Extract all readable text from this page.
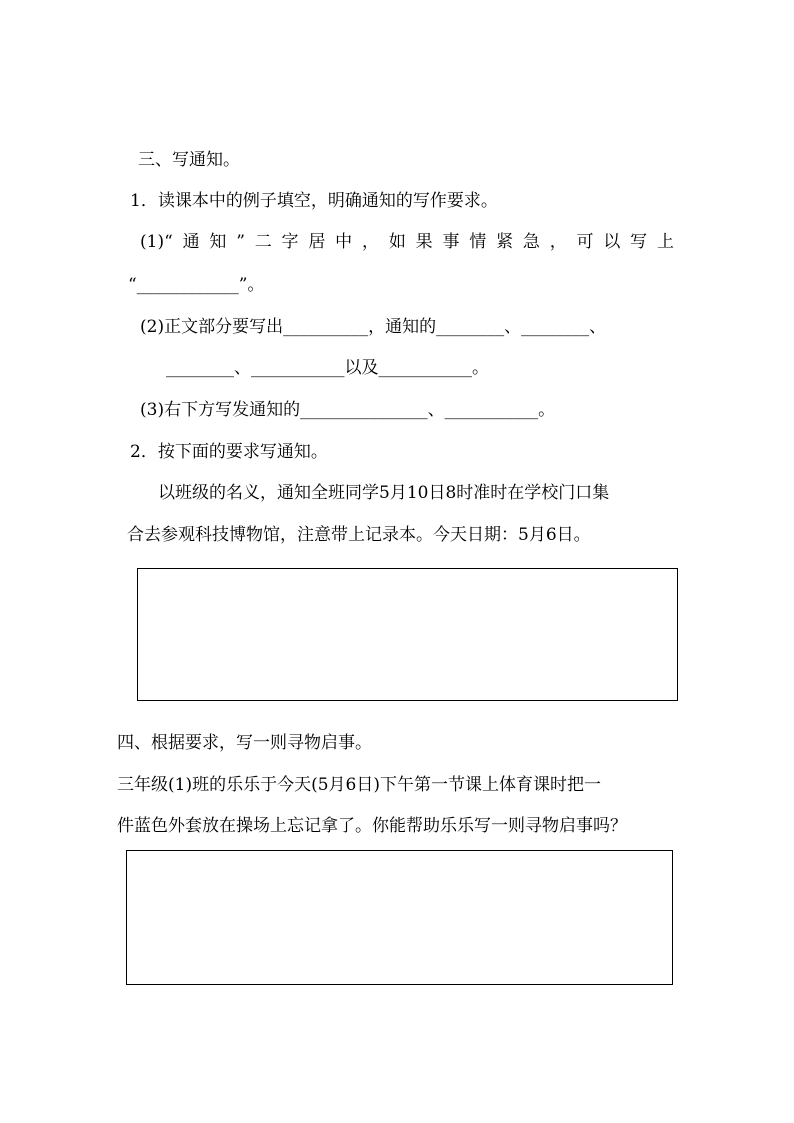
三、写通知。
1．读课本中的例子填空，明确通知的写作要求。
(1)“通知”二字居中，如果事情紧急，可以写上
“____________”。
(2)正文部分要写出__________，通知的________、________、
________、___________以及___________。
(3)右下方写发通知的_______________、___________。
2．按下面的要求写通知。
以班级的名义，通知全班同学5月10日8时准时在学校门口集
合去参观科技博物馆，注意带上记录本。今天日期：5月6日。
四、根据要求，写一则寻物启事。
三年级(1)班的乐乐于今天(5月6日)下午第一节课上体育课时把一
件蓝色外套放在操场上忘记拿了。你能帮助乐乐写一则寻物启事吗？
